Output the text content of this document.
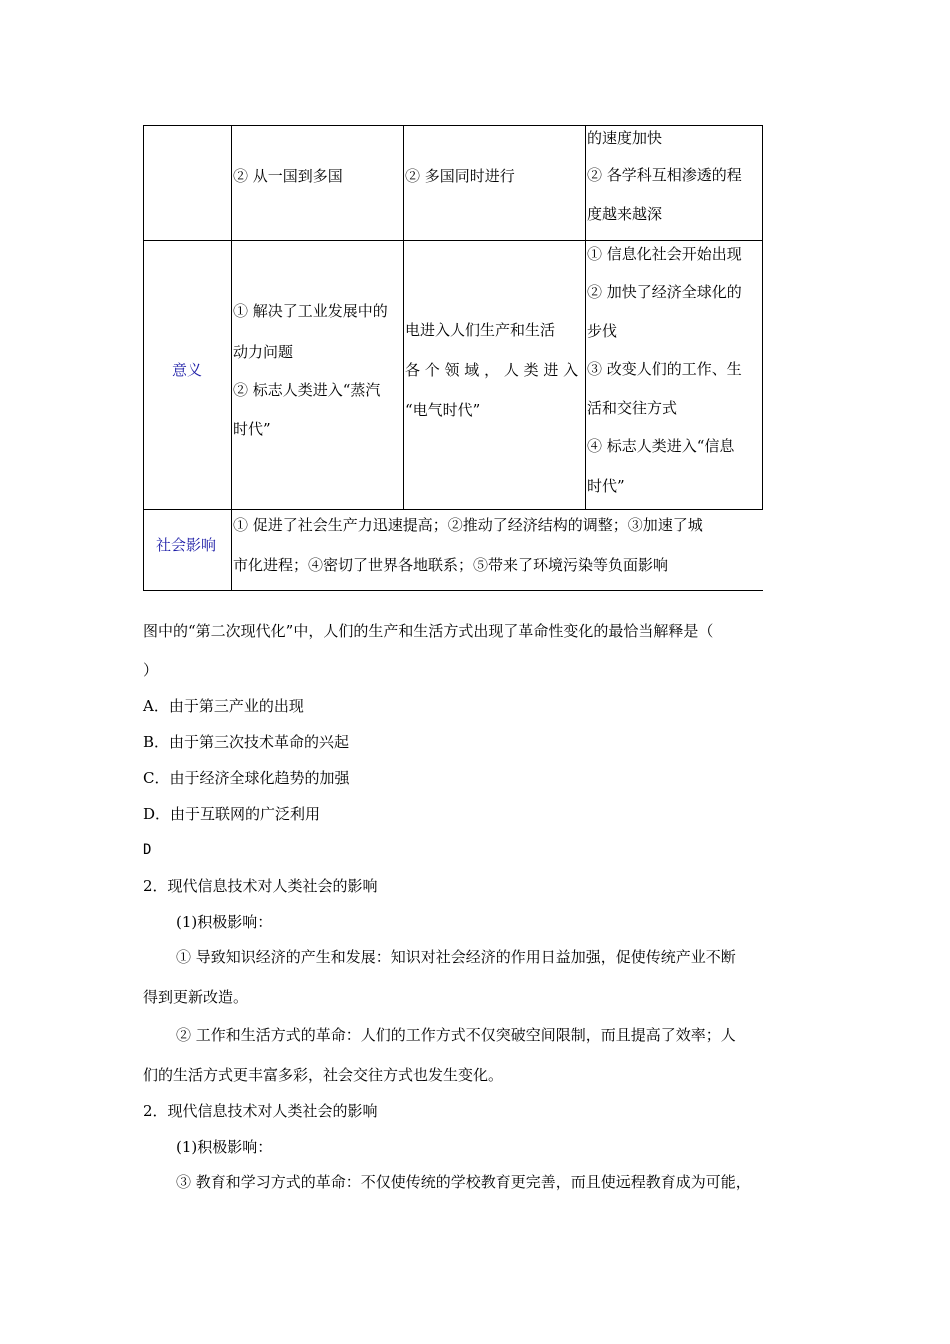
② 从一国到多国	② 多国同时进行
的速度加快
② 各学科互相渗透的程
度越来越深
意义
① 解决了工业发展中的
动力问题
② 标志人类进入“蒸汽
时代”
电进入人们生产和生活
各 个 领 域 ， 人 类 进 入
“电气时代”
① 信息化社会开始出现
② 加快了经济全球化的
步伐
③ 改变人们的工作、生
活和交往方式
④ 标志人类进入“信息
时代”
社会影响
① 促进了社会生产力迅速提高；②推动了经济结构的调整；③加速了城
市化进程；④密切了世界各地联系；⑤带来了环境污染等负面影响
图中的“第二次现代化”中，人们的生产和生活方式出现了革命性变化的最恰当解释是（
）
A．由于第三产业的出现
B．由于第三次技术革命的兴起
C．由于经济全球化趋势的加强
D．由于互联网的广泛利用
D
2．现代信息技术对人类社会的影响
(1)积极影响：
① 导致知识经济的产生和发展：知识对社会经济的作用日益加强，促使传统产业不断
得到更新改造。
② 工作和生活方式的革命：人们的工作方式不仅突破空间限制，而且提高了效率；人
们的生活方式更丰富多彩，社会交往方式也发生变化。
2．现代信息技术对人类社会的影响
(1)积极影响：
③ 教育和学习方式的革命：不仅使传统的学校教育更完善，而且使远程教育成为可能，
